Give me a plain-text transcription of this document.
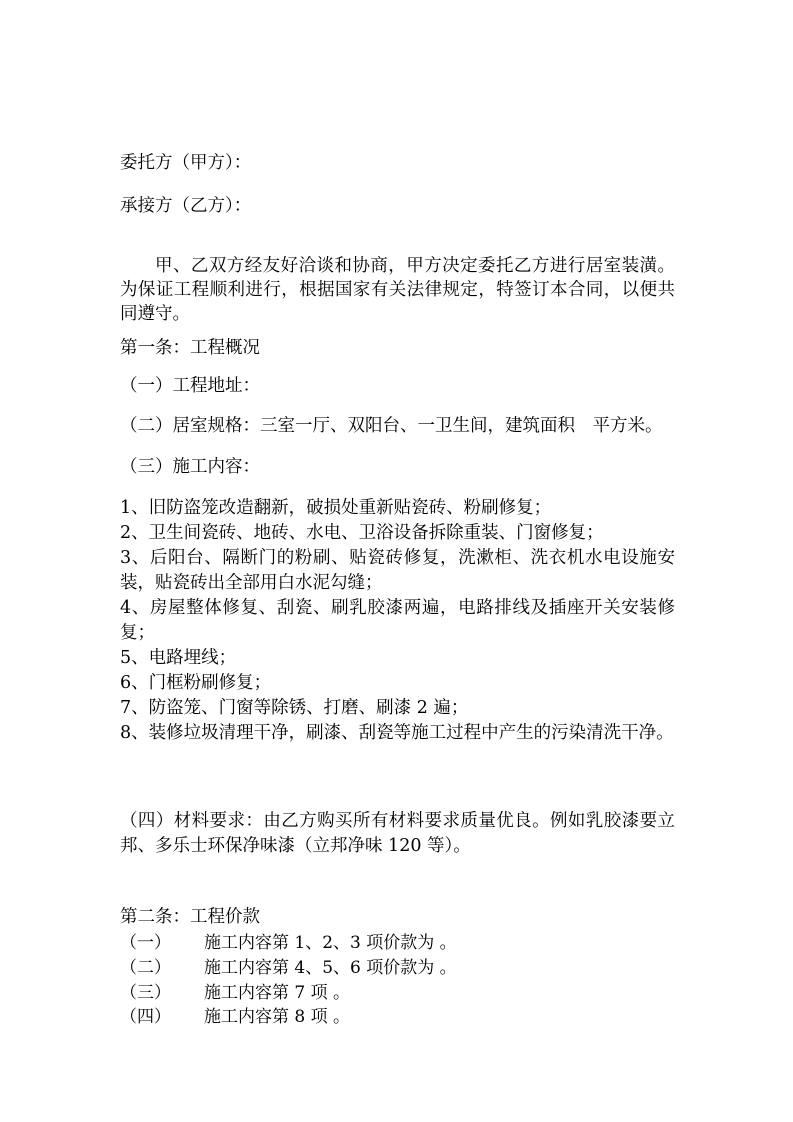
委托方（甲方）：
承接方（乙方）：
甲、乙双方经友好洽谈和协商，甲方决定委托乙方进行居室装潢。为保证工程顺利进行，根据国家有关法律规定，特签订本合同，以便共同遵守。
第一条：工程概况
（一）工程地址：
（二）居室规格：三室一厅、双阳台、一卫生间，建筑面积　平方米。
（三）施工内容：
1、旧防盗笼改造翻新，破损处重新贴瓷砖、粉刷修复；
2、卫生间瓷砖、地砖、水电、卫浴设备拆除重装、门窗修复；
3、后阳台、隔断门的粉刷、贴瓷砖修复，洗漱柜、洗衣机水电设施安装，贴瓷砖出全部用白水泥勾缝；
4、房屋整体修复、刮瓷、刷乳胶漆两遍，电路排线及插座开关安装修复；
5、电路埋线；
6、门框粉刷修复；
7、防盗笼、门窗等除锈、打磨、刷漆 2 遍；
8、装修垃圾清理干净，刷漆、刮瓷等施工过程中产生的污染清洗干净。
（四）材料要求：由乙方购买所有材料要求质量优良。例如乳胶漆要立邦、多乐士环保净味漆（立邦净味 120 等）。
第二条：工程价款
（一） 施工内容第 1、2、3 项价款为 。
（二） 施工内容第 4、5、6 项价款为 。
（三） 施工内容第 7 项 。
（四） 施工内容第 8 项 。
